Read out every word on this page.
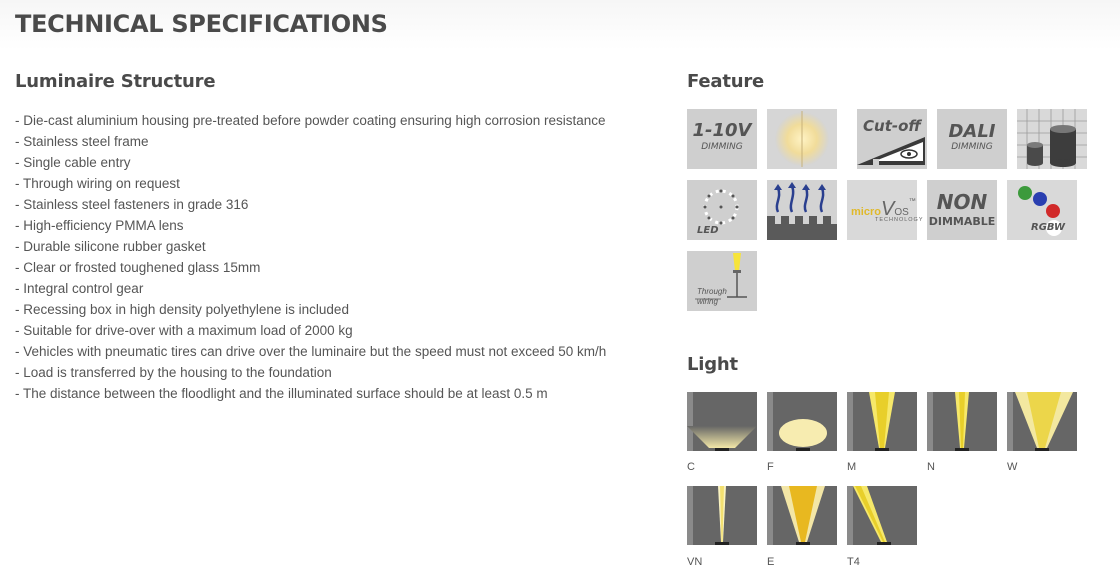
TECHNICAL SPECIFICATIONS
Luminaire Structure
- Die-cast aluminium housing pre-treated before powder coating ensuring high corrosion resistance
- Stainless steel frame
- Single cable entry
- Through wiring on request
- Stainless steel fasteners in grade 316
- High-efficiency PMMA lens
- Durable silicone rubber gasket
- Clear or frosted toughened glass 15mm
- Integral control gear
- Recessing box in high density polyethylene is included
- Suitable for drive-over with a maximum load of 2000 kg
- Vehicles with pneumatic tires can drive over the luminaire but the speed must not exceed 50 km/h
- Load is transferred by the housing to the foundation
- The distance between the floodlight and the illuminated surface should be at least 0.5 m
Feature
1-10V
DIMMING
Cut-off	DALI
DIMMING
LED
microVOS™
TECHNOLOGY
NON
DIMMABLE	RGBW
Through
wiring
Light
C	F	M	N	W
VN	E	T4
